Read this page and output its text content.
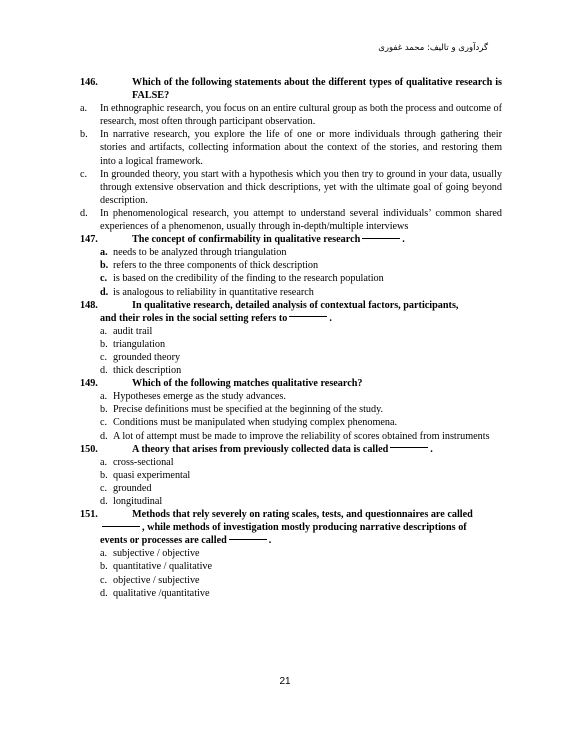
گردآوری و تالیف: محمد غفوری
146.	Which of the following statements about the different types of qualitative research is FALSE?
a.	In ethnographic research, you focus on an entire cultural group as both the process and outcome of research, most often through participant observation.
b.	In narrative research, you explore the life of one or more individuals through gathering their stories and artifacts, collecting information about the context of the stories, and restoring them into a logical framework.
c.	In grounded theory, you start with a hypothesis which you then try to ground in your data, usually through extensive observation and thick descriptions, yet with the ultimate goal of going beyond description.
d.	In phenomenological research, you attempt to understand several individuals’ common shared experiences of a phenomenon, usually through in-depth/multiple interviews
147.	The concept of confirmability in qualitative research	.
a. needs to be analyzed through triangulation
b. refers to the three components of thick description
c. is based on the credibility of the finding to the research population
d. is analogous to reliability in quantitative research
148.	In qualitative research, detailed analysis of contextual factors, participants,
and their roles in the social setting refers to	.
a. audit trail
b. triangulation
c. grounded theory
d. thick description
149.	Which of the following matches qualitative research?
a. Hypotheses emerge as the study advances.
b. Precise definitions must be specified at the beginning of the study.
c. Conditions must be manipulated when studying complex phenomena.
d. A lot of attempt must be made to improve the reliability of scores obtained from instruments
150.	A theory that arises from previously collected data is called	.
a. cross-sectional
b. quasi experimental
c. grounded
d. longitudinal
151.	Methods that rely severely on rating scales, tests, and questionnaires are called
, while methods of investigation mostly producing narrative descriptions of
events or processes are called	.
a. subjective / objective
b. quantitative / qualitative
c. objective / subjective
d. qualitative /quantitative
21
